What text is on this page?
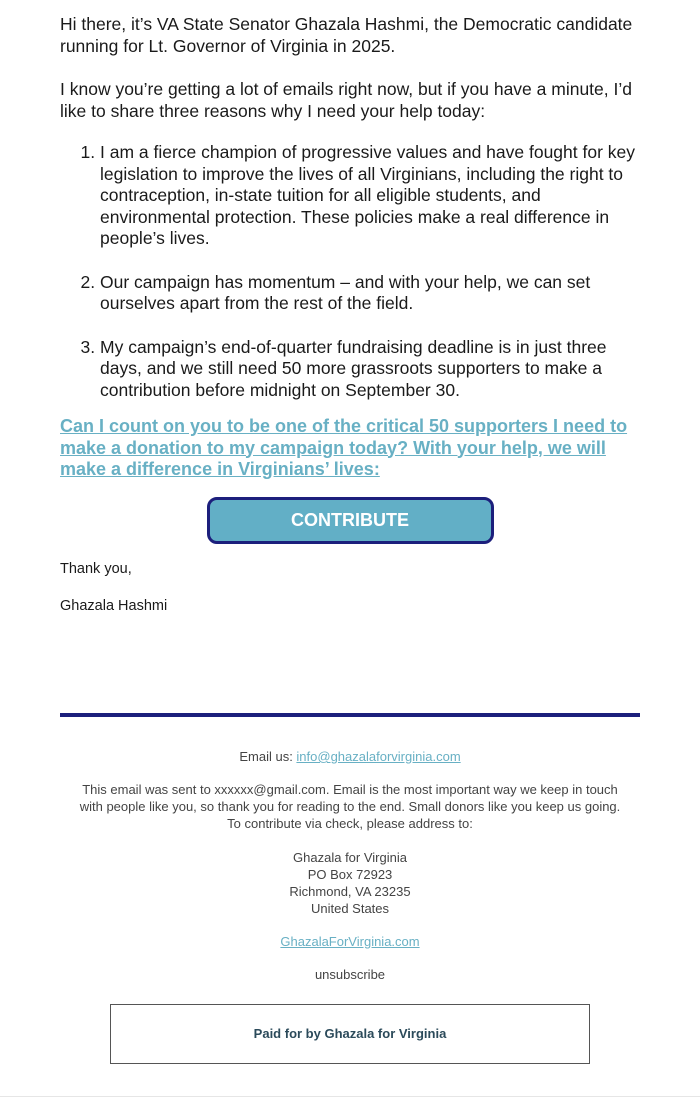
Hi there, it’s VA State Senator Ghazala Hashmi, the Democratic candidate running for Lt. Governor of Virginia in 2025.

I know you’re getting a lot of emails right now, but if you have a minute, I’d like to share three reasons why I need your help today:

1. I am a fierce champion of progressive values and have fought for key legislation to improve the lives of all Virginians, including the right to contraception, in-state tuition for all eligible students, and environmental protection. These policies make a real difference in people’s lives.
2. Our campaign has momentum – and with your help, we can set ourselves apart from the rest of the field.
3. My campaign’s end-of-quarter fundraising deadline is in just three days, and we still need 50 more grassroots supporters to make a contribution before midnight on September 30.
Can I count on you to be one of the critical 50 supporters I need to make a donation to my campaign today? With your help, we will make a difference in Virginians’ lives:
CONTRIBUTE

Thank you,

Ghazala Hashmi

Email us: info@ghazalaforvirginia.com

This email was sent to xxxxxx@gmail.com. Email is the most important way we keep in touch with people like you, so thank you for reading to the end. Small donors like you keep us going. To contribute via check, please address to:

Ghazala for Virginia

PO Box 72923

Richmond, VA 23235

United States

GhazalaForVirginia.com

unsubscribe

Paid for by Ghazala for Virginia
